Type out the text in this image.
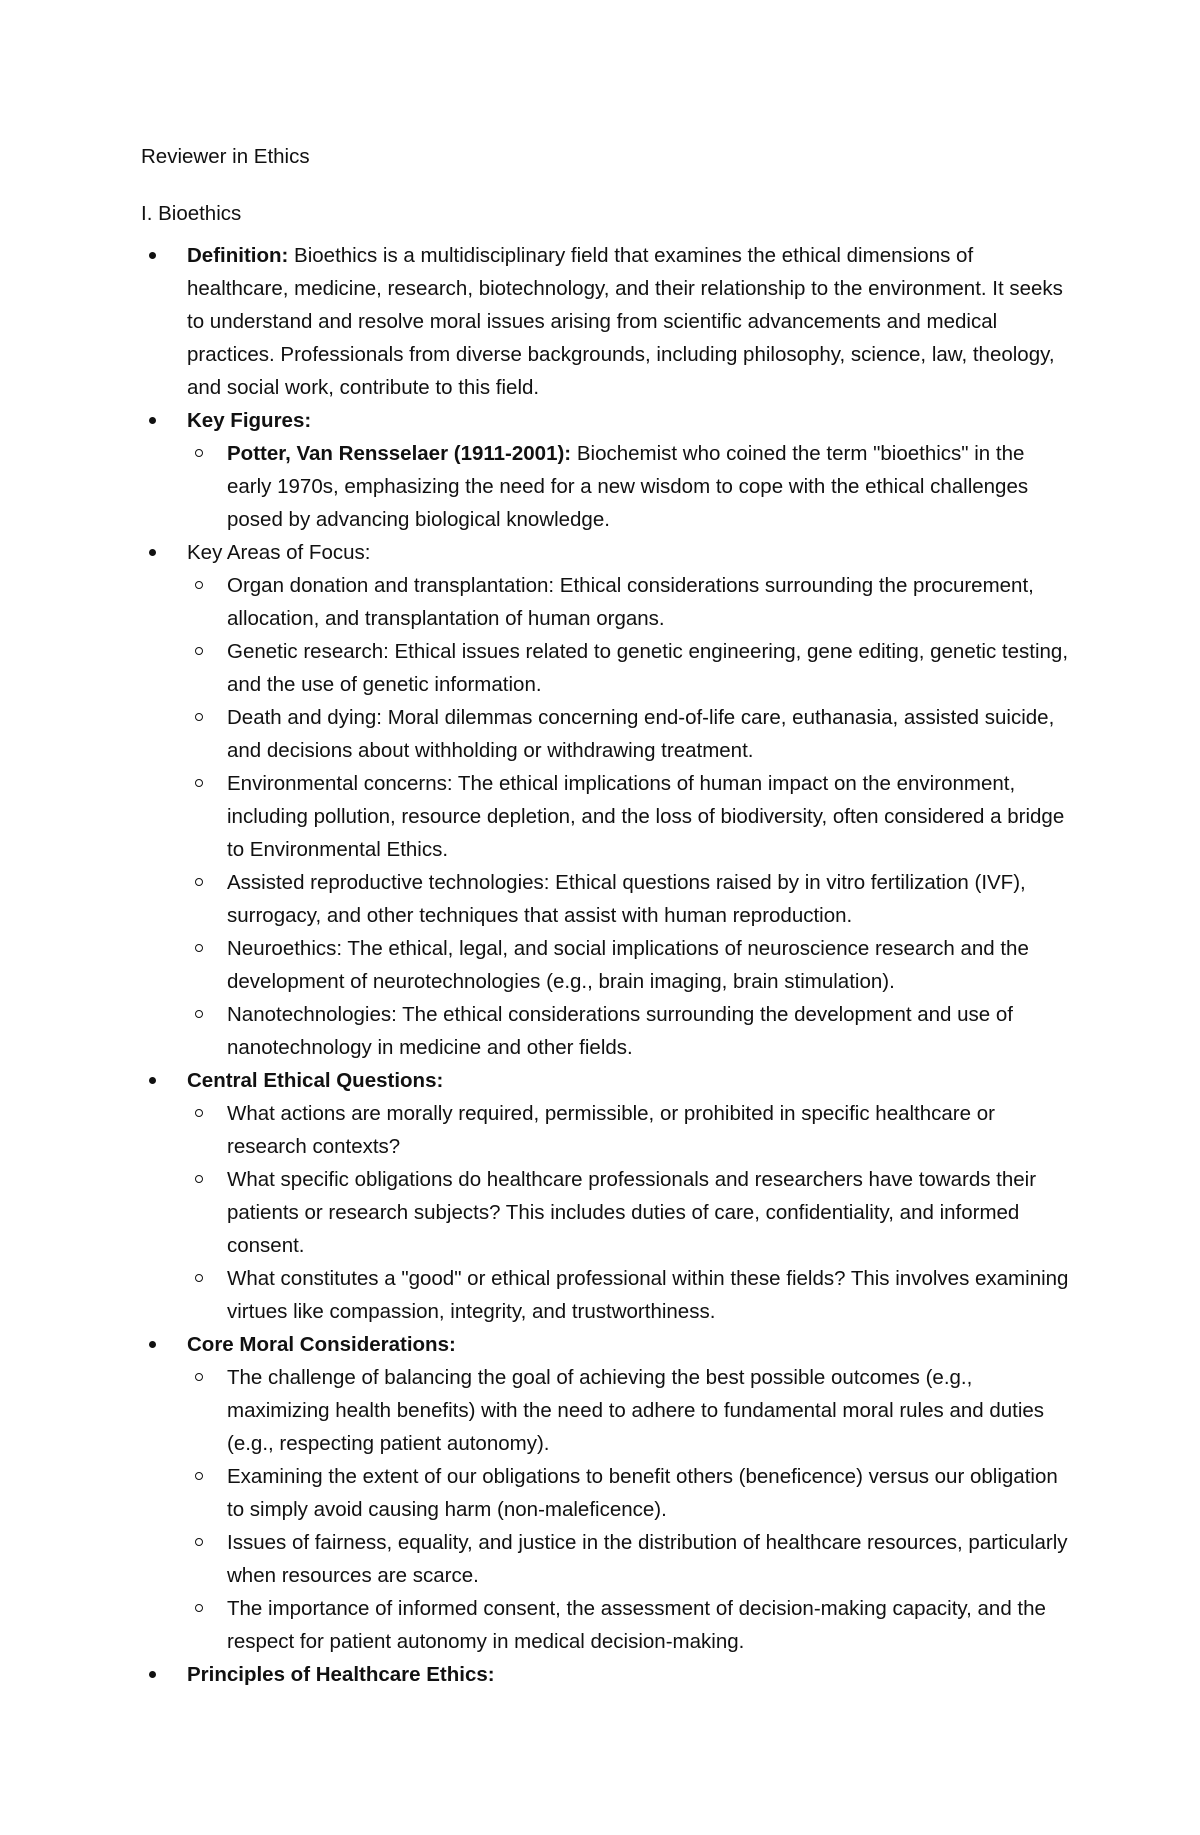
Reviewer in Ethics

I. Bioethics

Definition: Bioethics is a multidisciplinary field that examines the ethical dimensions of healthcare, medicine, research, biotechnology, and their relationship to the environment. It seeks to understand and resolve moral issues arising from scientific advancements and medical practices. Professionals from diverse backgrounds, including philosophy, science, law, theology, and social work, contribute to this field.
Key Figures:
Potter, Van Rensselaer (1911-2001): Biochemist who coined the term "bioethics" in the early 1970s, emphasizing the need for a new wisdom to cope with the ethical challenges posed by advancing biological knowledge.
Key Areas of Focus:
Organ donation and transplantation: Ethical considerations surrounding the procurement, allocation, and transplantation of human organs.
Genetic research: Ethical issues related to genetic engineering, gene editing, genetic testing, and the use of genetic information.
Death and dying: Moral dilemmas concerning end-of-life care, euthanasia, assisted suicide, and decisions about withholding or withdrawing treatment.
Environmental concerns: The ethical implications of human impact on the environment, including pollution, resource depletion, and the loss of biodiversity, often considered a bridge to Environmental Ethics.
Assisted reproductive technologies: Ethical questions raised by in vitro fertilization (IVF), surrogacy, and other techniques that assist with human reproduction.
Neuroethics: The ethical, legal, and social implications of neuroscience research and the development of neurotechnologies (e.g., brain imaging, brain stimulation).
Nanotechnologies: The ethical considerations surrounding the development and use of nanotechnology in medicine and other fields.
Central Ethical Questions:
What actions are morally required, permissible, or prohibited in specific healthcare or research contexts?
What specific obligations do healthcare professionals and researchers have towards their patients or research subjects? This includes duties of care, confidentiality, and informed consent.
What constitutes a "good" or ethical professional within these fields? This involves examining virtues like compassion, integrity, and trustworthiness.
Core Moral Considerations:
The challenge of balancing the goal of achieving the best possible outcomes (e.g., maximizing health benefits) with the need to adhere to fundamental moral rules and duties (e.g., respecting patient autonomy).
Examining the extent of our obligations to benefit others (beneficence) versus our obligation to simply avoid causing harm (non-maleficence).
Issues of fairness, equality, and justice in the distribution of healthcare resources, particularly when resources are scarce.
The importance of informed consent, the assessment of decision-making capacity, and the respect for patient autonomy in medical decision-making.
Principles of Healthcare Ethics:
